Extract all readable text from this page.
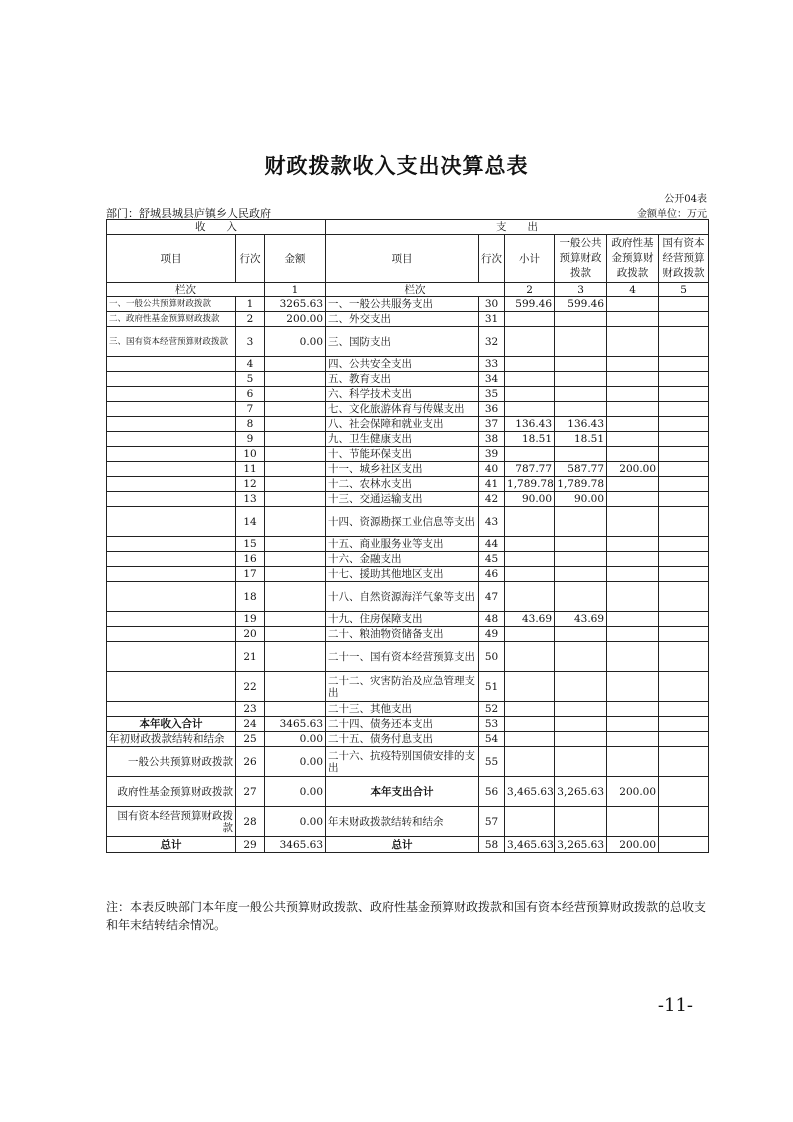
财政拨款收入支出决算总表
公开04表
部门：舒城县城县庐镇乡人民政府	金额单位：万元
收　　入			支　　出					
项目	行次	金额	项目	行次	小计	一般公共预算财政拨款	政府性基金预算财政拨款	国有资本经营预算财政拨款
栏次		1	栏次		2	3	4	5
一、一般公共预算财政拨款	1	3265.63	一、一般公共服务支出	30	599.46	599.46		
二、政府性基金预算财政拨款	2	200.00	二、外交支出	31				
三、国有资本经营预算财政拨款	3	0.00	三、国防支出	32				
	4		四、公共安全支出	33				
	5		五、教育支出	34				
	6		六、科学技术支出	35				
	7		七、文化旅游体育与传媒支出	36				
	8		八、社会保障和就业支出	37	136.43	136.43		
	9		九、卫生健康支出	38	18.51	18.51		
	10		十、节能环保支出	39				
	11		十一、城乡社区支出	40	787.77	587.77	200.00	
	12		十二、农林水支出	41	1,789.78	1,789.78		
	13		十三、交通运输支出	42	90.00	90.00		
	14		十四、资源勘探工业信息等支出	43				
	15		十五、商业服务业等支出	44				
	16		十六、金融支出	45				
	17		十七、援助其他地区支出	46				
	18		十八、自然资源海洋气象等支出	47				
	19		十九、住房保障支出	48	43.69	43.69		
	20		二十、粮油物资储备支出	49				
	21		二十一、国有资本经营预算支出	50				
	22		二十二、灾害防治及应急管理支出	51				
	23		二十三、其他支出	52				
本年收入合计	24	3465.63	二十四、债务还本支出	53				
年初财政拨款结转和结余	25	0.00	二十五、债务付息支出	54				
一般公共预算财政拨款	26	0.00	二十六、抗疫特别国债安排的支出	55				
政府性基金预算财政拨款	27	0.00	本年支出合计	56	3,465.63	3,265.63	200.00	
国有资本经营预算财政拨款	28	0.00	年末财政拨款结转和结余	57				
总计	29	3465.63	总计	58	3,465.63	3,265.63	200.00	
注：本表反映部门本年度一般公共预算财政拨款、政府性基金预算财政拨款和国有资本经营预算财政拨款的总收支和年末结转结余情况。
-11-
